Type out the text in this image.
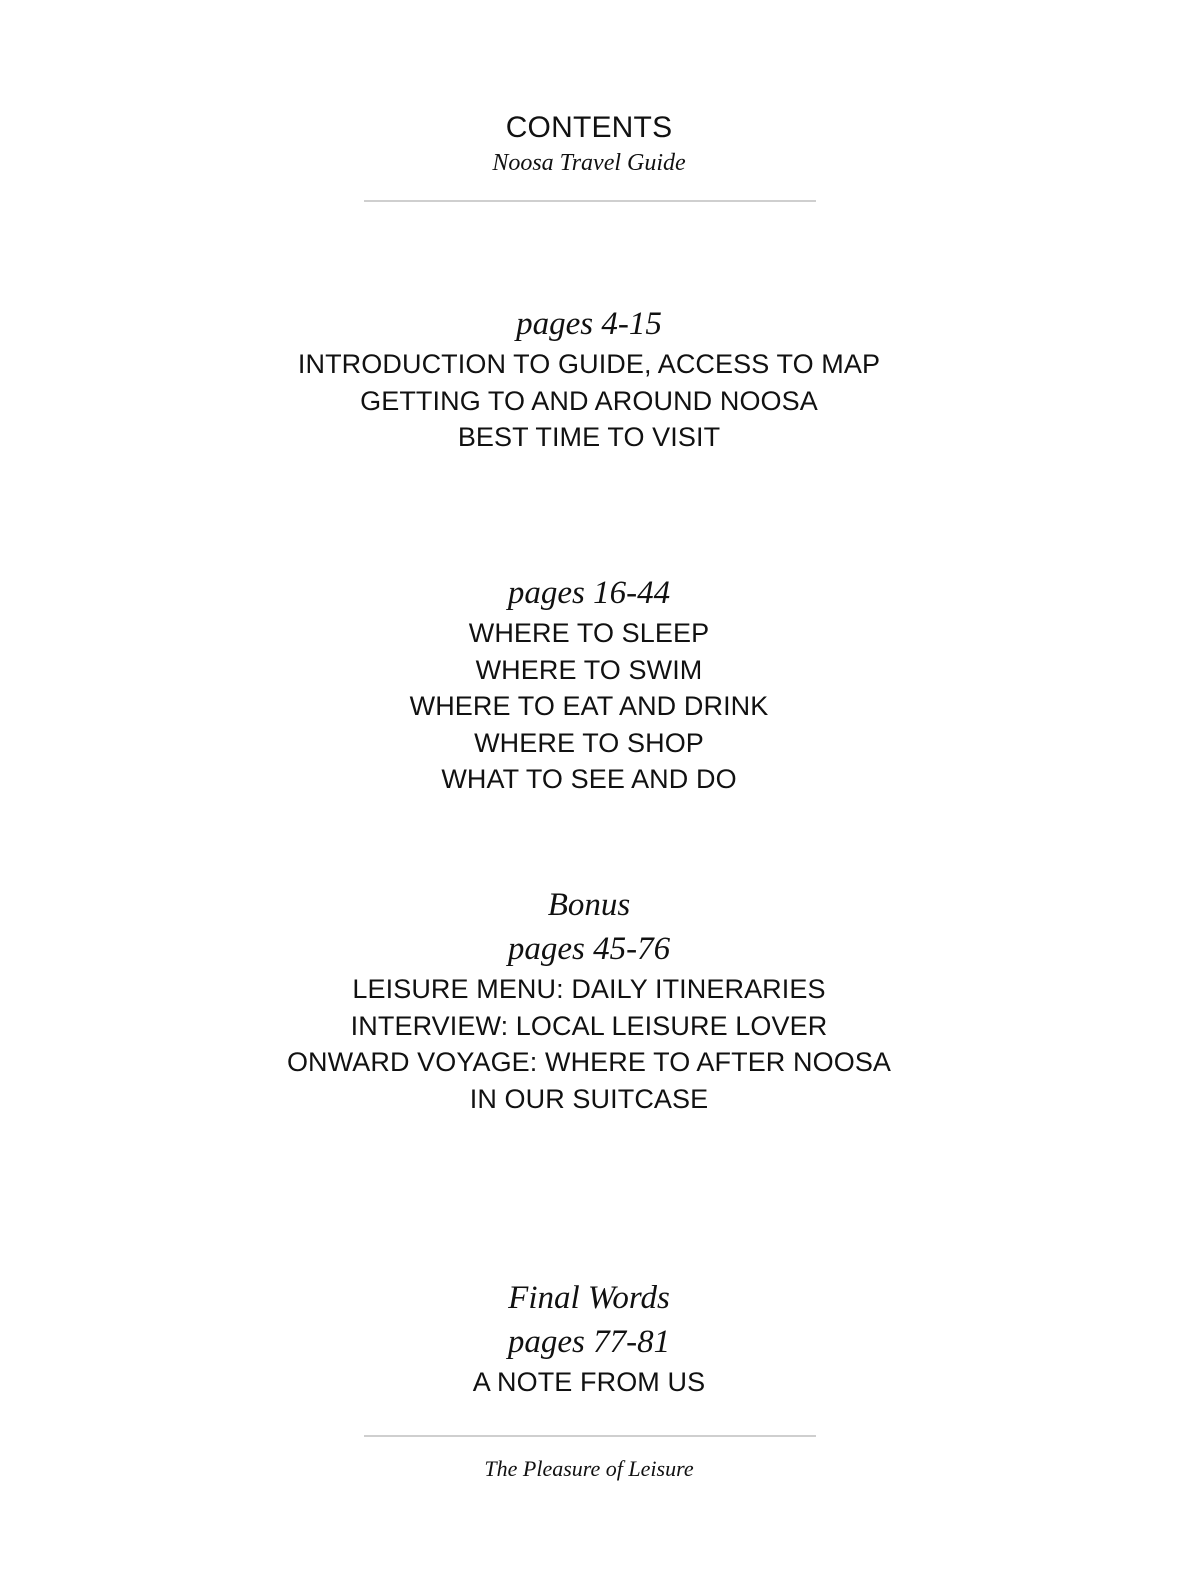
CONTENTS
Noosa Travel Guide
pages 4-15
INTRODUCTION TO GUIDE, ACCESS TO MAP
GETTING TO AND AROUND NOOSA
BEST TIME TO VISIT
pages 16-44
WHERE TO SLEEP
WHERE TO SWIM
WHERE TO EAT AND DRINK
WHERE TO SHOP
WHAT TO SEE AND DO
Bonus
pages 45-76
LEISURE MENU: DAILY ITINERARIES
INTERVIEW: LOCAL LEISURE LOVER
ONWARD VOYAGE: WHERE TO AFTER NOOSA
IN OUR SUITCASE
Final Words
pages 77-81
A NOTE FROM US
The Pleasure of Leisure
